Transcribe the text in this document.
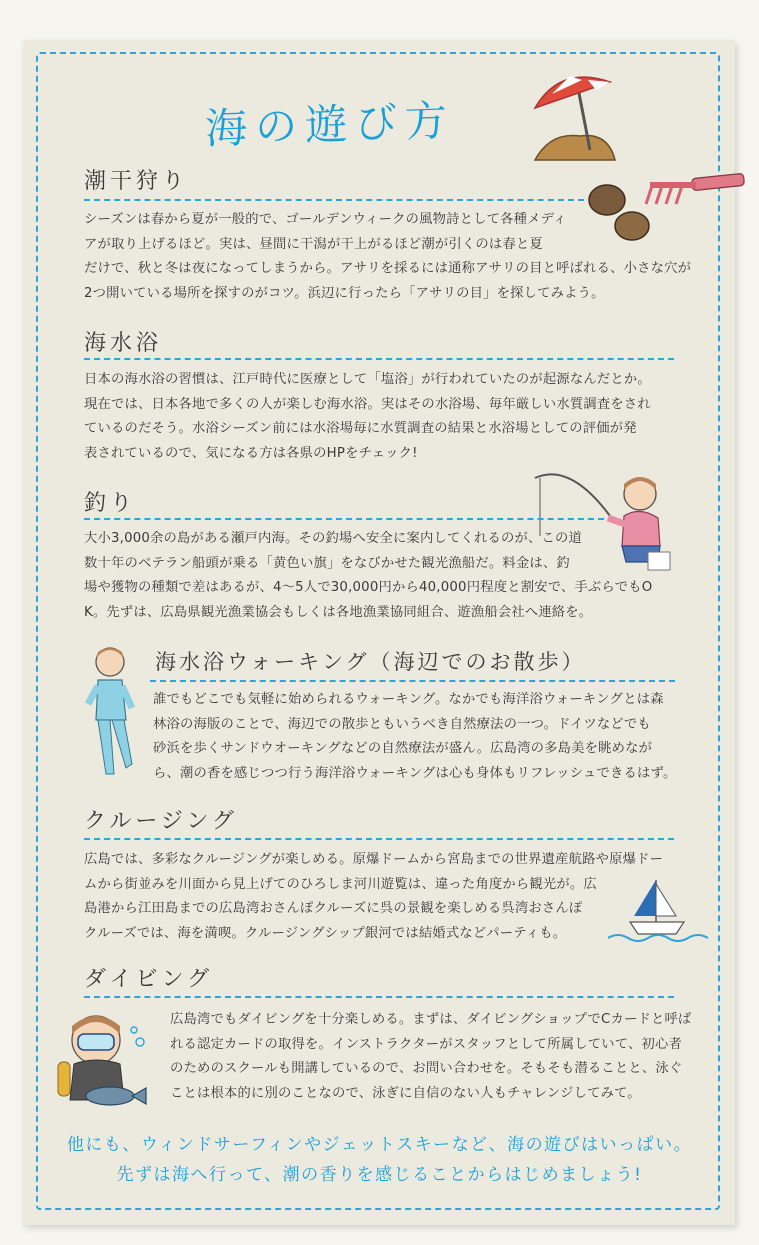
海の遊び方
潮干狩り
シーズンは春から夏が一般的で、ゴールデンウィークの風物詩として各種メディ
アが取り上げるほど。実は、昼間に干潟が干上がるほど潮が引くのは春と夏
だけで、秋と冬は夜になってしまうから。アサリを採るには通称アサリの目と呼ばれる、小さな穴が
2つ開いている場所を探すのがコツ。浜辺に行ったら「アサリの目」を探してみよう。
海水浴
日本の海水浴の習慣は、江戸時代に医療として「塩浴」が行われていたのが起源なんだとか。
現在では、日本各地で多くの人が楽しむ海水浴。実はその水浴場、毎年厳しい水質調査をされ
ているのだそう。水浴シーズン前には水浴場毎に水質調査の結果と水浴場としての評価が発
表されているので、気になる方は各県のHPをチェック!
釣り
大小3,000余の島がある瀬戸内海。その釣場へ安全に案内してくれるのが、この道
数十年のベテラン船頭が乗る「黄色い旗」をなびかせた観光漁船だ。料金は、釣
場や獲物の種類で差はあるが、4～5人で30,000円から40,000円程度と割安で、手ぶらでもO
K。先ずは、広島県観光漁業協会もしくは各地漁業協同組合、遊漁船会社へ連絡を。
海水浴ウォーキング（海辺でのお散歩）
誰でもどこでも気軽に始められるウォーキング。なかでも海洋浴ウォーキングとは森
林浴の海版のことで、海辺での散歩ともいうべき自然療法の一つ。ドイツなどでも
砂浜を歩くサンドウオーキングなどの自然療法が盛ん。広島湾の多島美を眺めなが
ら、潮の香を感じつつ行う海洋浴ウォーキングは心も身体もリフレッシュできるはず。
クルージング
広島では、多彩なクルージングが楽しめる。原爆ドームから宮島までの世界遺産航路や原爆ドー
ムから街並みを川面から見上げてのひろしま河川遊覧は、違った角度から観光が。広
島港から江田島までの広島湾おさんぽクルーズに呉の景観を楽しめる呉湾おさんぽ
クルーズでは、海を満喫。クルージングシップ銀河では結婚式などパーティも。
ダイビング
広島湾でもダイビングを十分楽しめる。まずは、ダイビングショップでCカードと呼ば
れる認定カードの取得を。インストラクターがスタッフとして所属していて、初心者
のためのスクールも開講しているので、お問い合わせを。そもそも潜ることと、泳ぐ
ことは根本的に別のことなので、泳ぎに自信のない人もチャレンジしてみて。
他にも、ウィンドサーフィンやジェットスキーなど、海の遊びはいっぱい。
先ずは海へ行って、潮の香りを感じることからはじめましょう!
